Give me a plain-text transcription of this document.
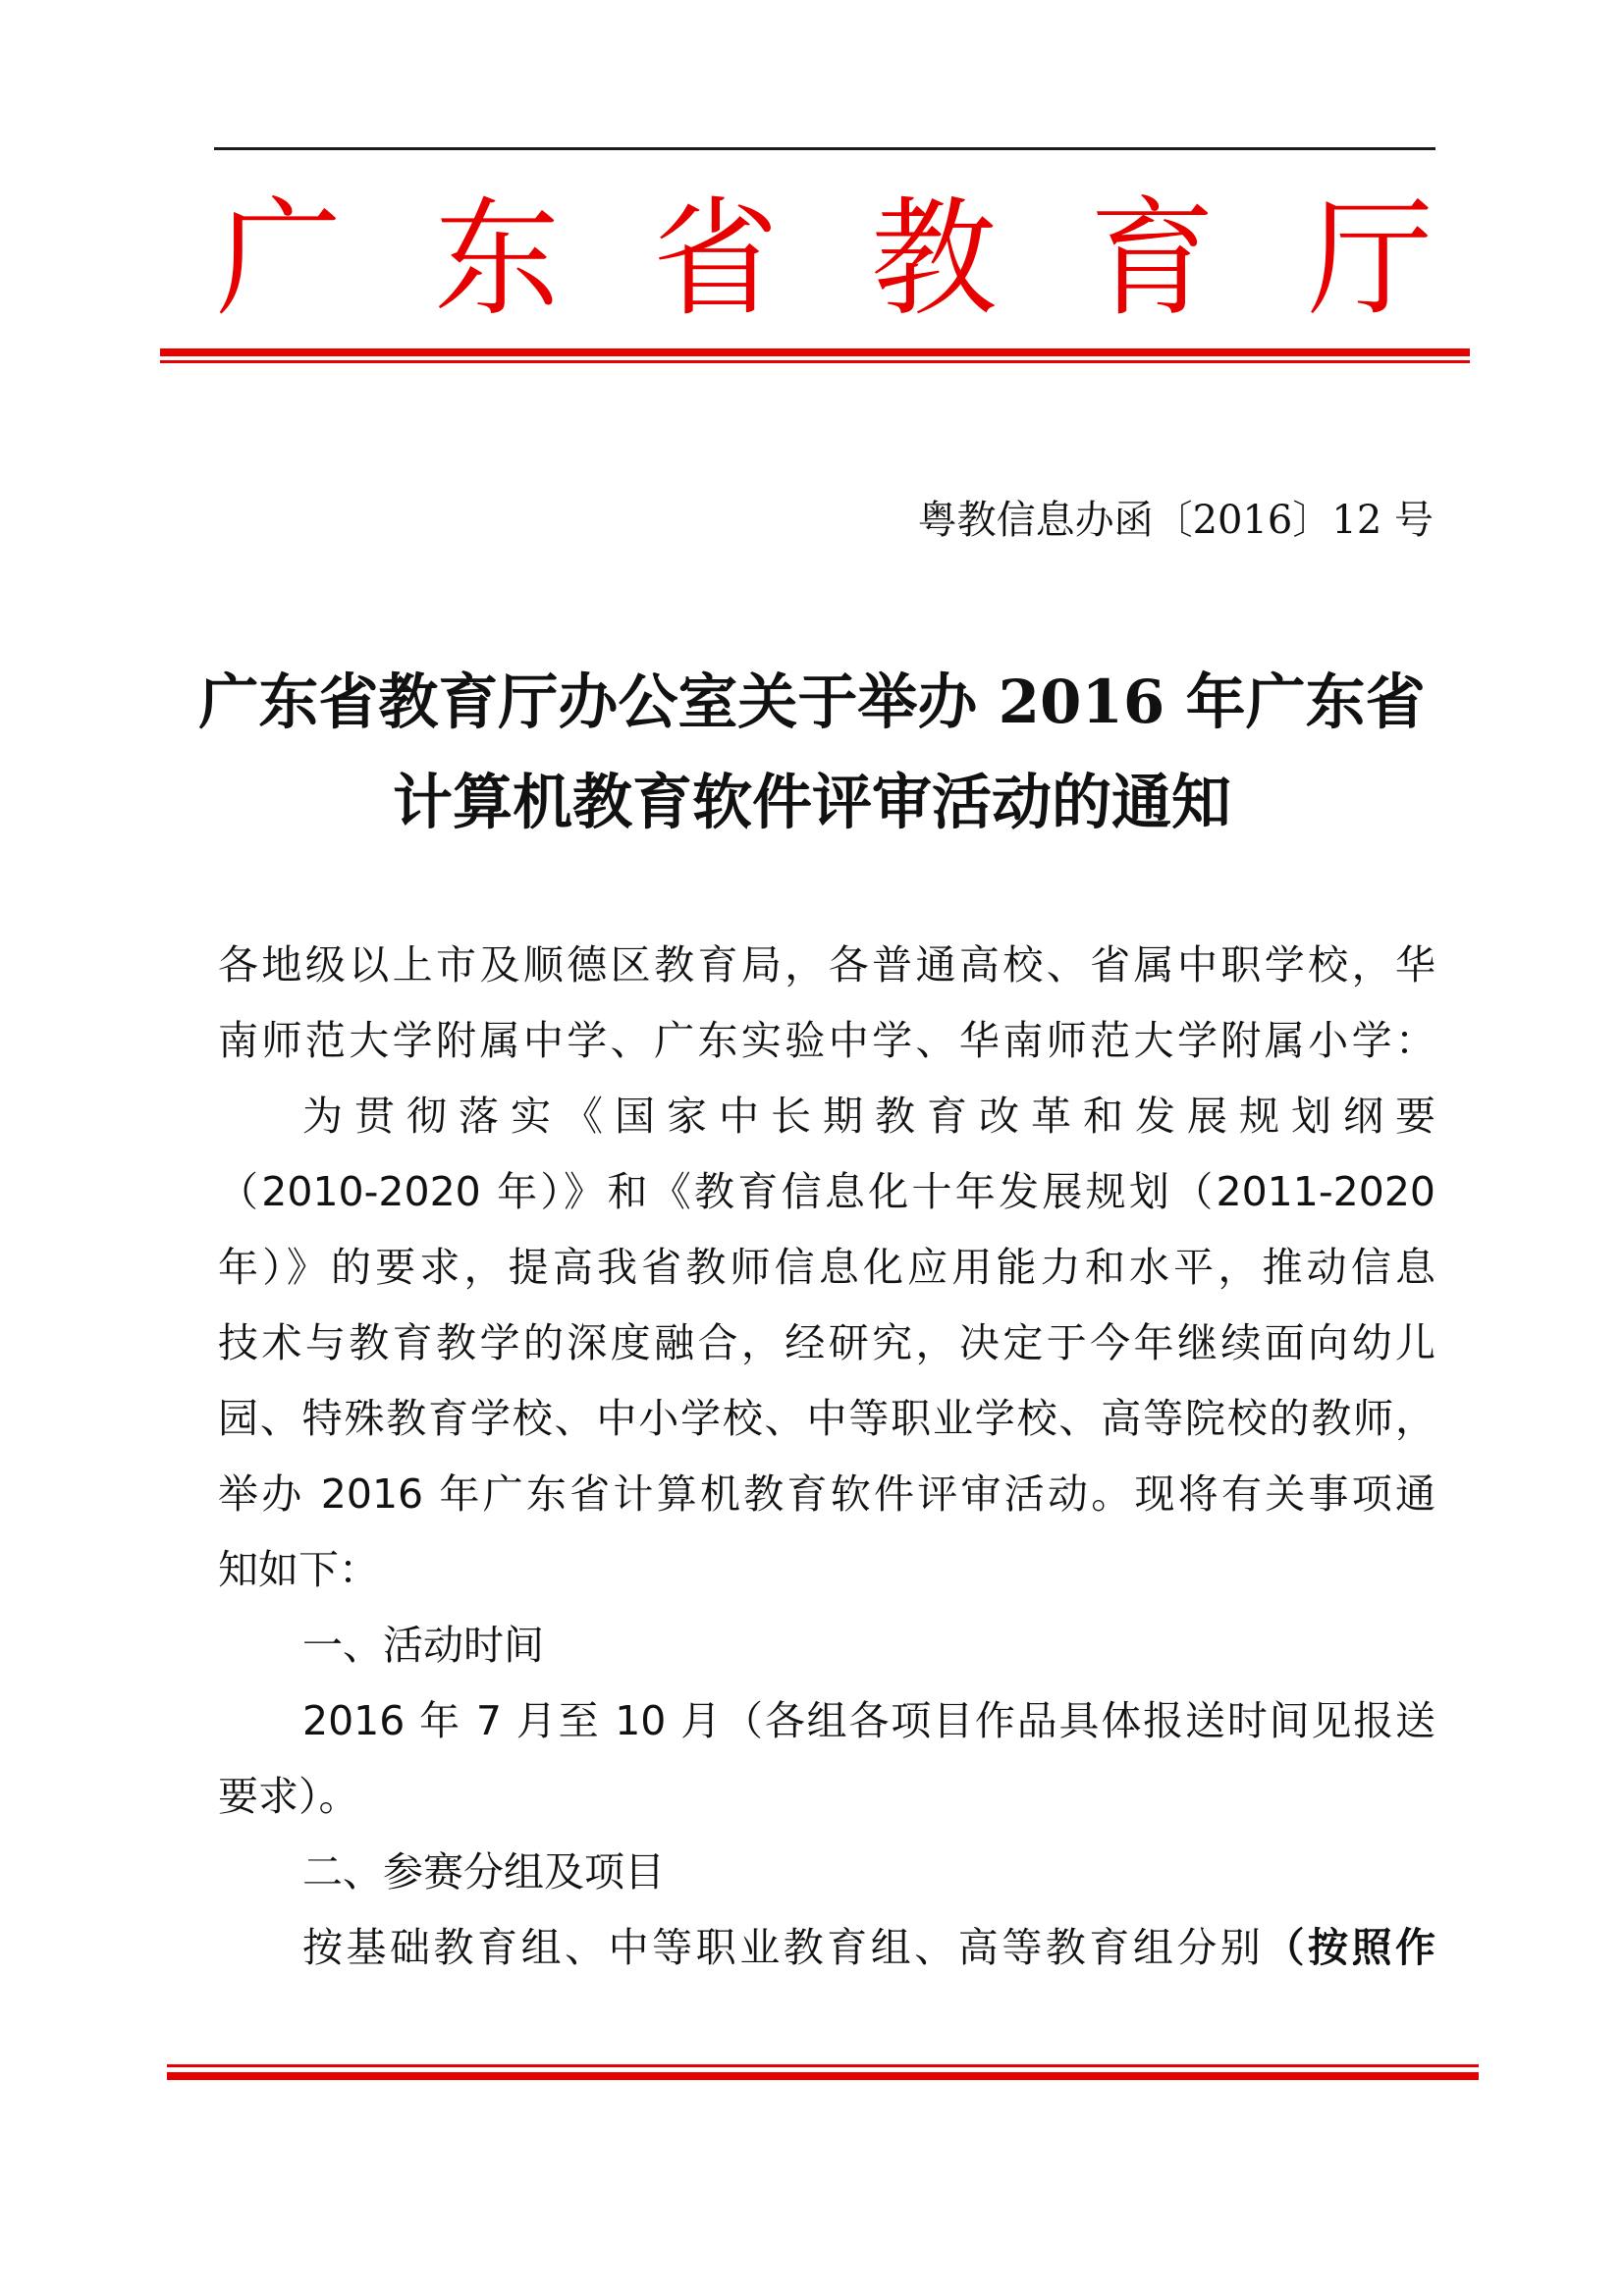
广 东 省 教 育 厅
粤教信息办函〔2016〕12 号
广东省教育厅办公室关于举办 2016 年广东省
计算机教育软件评审活动的通知
各地级以上市及顺德区教育局，各普通高校、省属中职学校，华
南师范大学附属中学、广东实验中学、华南师范大学附属小学：
为贯彻落实《国家中长期教育改革和发展规划纲要
（2010-2020 年）》和《教育信息化十年发展规划（2011-2020
年）》的要求，提高我省教师信息化应用能力和水平，推动信息
技术与教育教学的深度融合，经研究，决定于今年继续面向幼儿
园、特殊教育学校、中小学校、中等职业学校、高等院校的教师，
举办 2016 年广东省计算机教育软件评审活动。现将有关事项通
知如下：
一、活动时间
2016 年 7 月至 10 月（各组各项目作品具体报送时间见报送
要求）。
二、参赛分组及项目
按基础教育组、中等职业教育组、高等教育组分别（按照作
